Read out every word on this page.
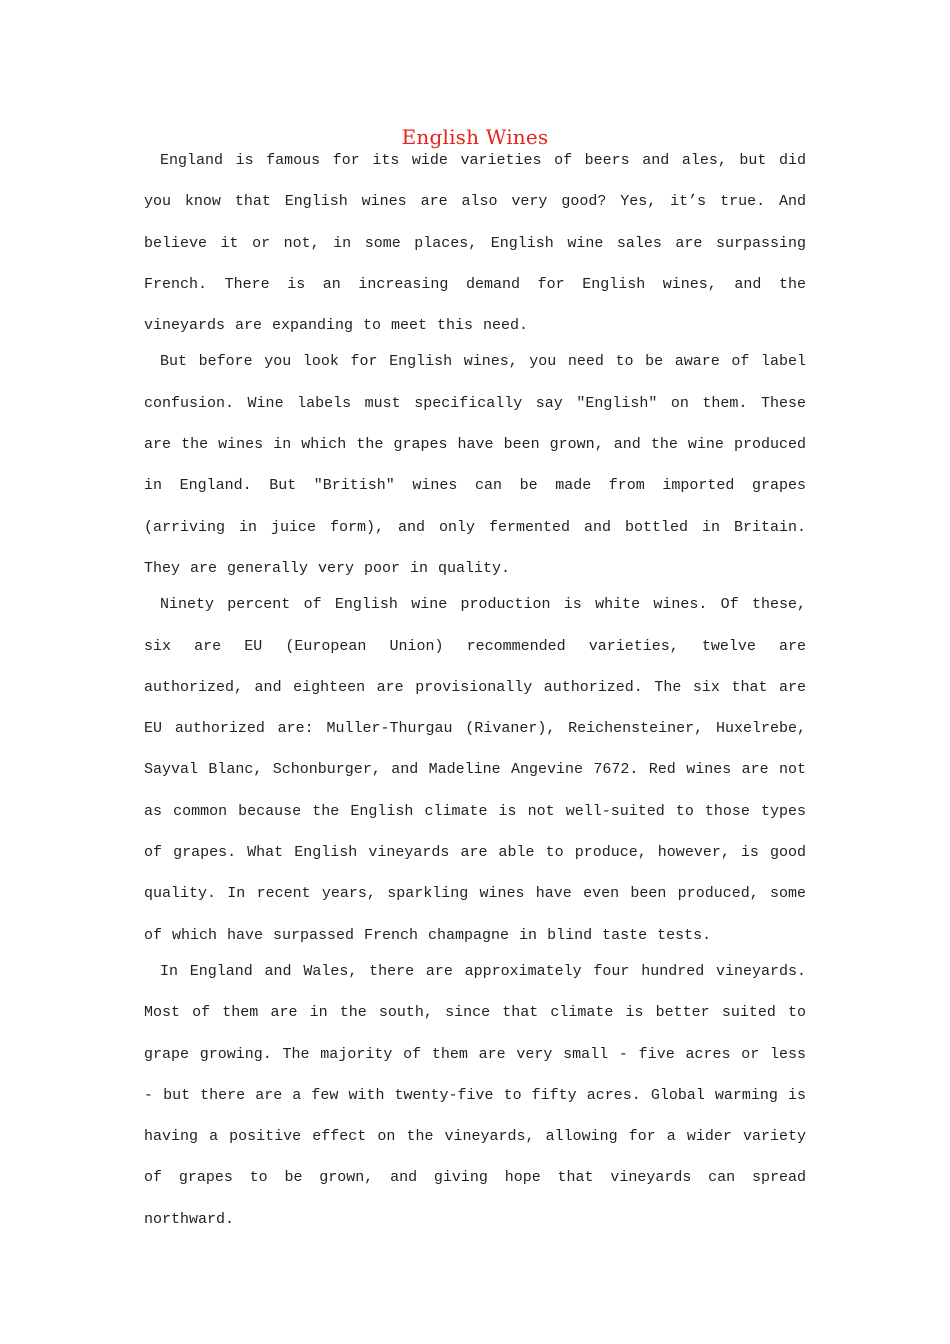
English Wines

England is famous for its wide varieties of beers and ales, but did you know that English wines are also very good? Yes, it’s true. And believe it or not, in some places, English wine sales are surpassing French. There is an increasing demand for English wines, and the vineyards are expanding to meet this need.

But before you look for English wines, you need to be aware of label confusion. Wine labels must specifically say "English" on them. These are the wines in which the grapes have been grown, and the wine produced in England. But "British" wines can be made from imported grapes (arriving in juice form), and only fermented and bottled in Britain. They are generally very poor in quality.

Ninety percent of English wine production is white wines. Of these, six are EU (European Union) recommended varieties, twelve are authorized, and eighteen are provisionally authorized. The six that are EU authorized are: Muller-Thurgau (Rivaner), Reichensteiner, Huxelrebe, Sayval Blanc, Schonburger, and Madeline Angevine 7672. Red wines are not as common because the English climate is not well-suited to those types of grapes. What English vineyards are able to produce, however, is good quality. In recent years, sparkling wines have even been produced, some of which have surpassed French champagne in blind taste tests.

In England and Wales, there are approximately four hundred vineyards. Most of them are in the south, since that climate is better suited to grape growing. The majority of them are very small - five acres or less - but there are a few with twenty-five to fifty acres. Global warming is having a positive effect on the vineyards, allowing for a wider variety of grapes to be grown, and giving hope that vineyards can spread northward.
